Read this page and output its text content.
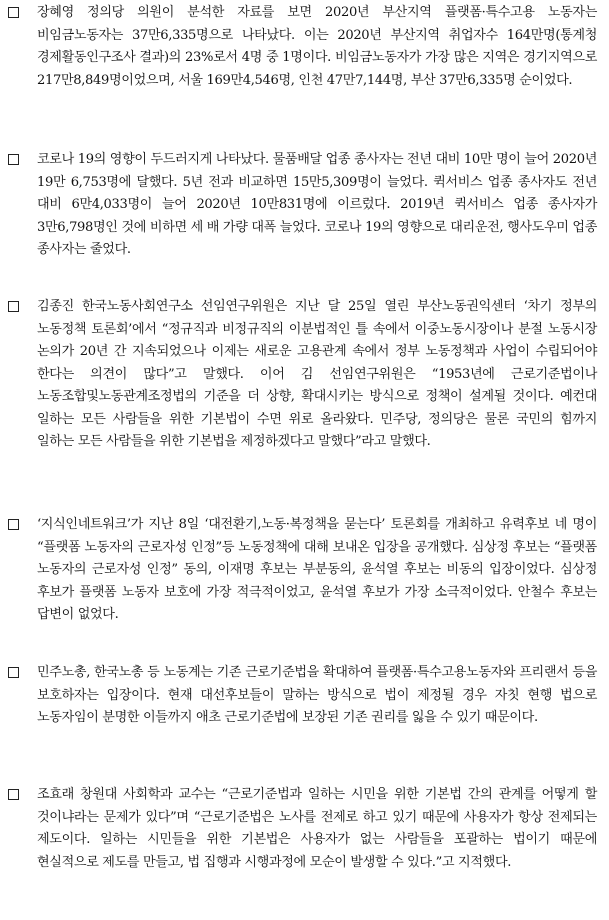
장혜영 정의당 의원이 분석한 자료를 보면 2020년 부산지역 플랫폼·특수고용 노동자는 비임금노동자는 37만6,335명으로 나타났다. 이는 2020년 부산지역 취업자수 164만명(통계청 경제활동인구조사 결과)의 23%로서 4명 중 1명이다. 비임금노동자가 가장 많은 지역은 경기지역으로 217만8,849명이었으며, 서울 169만4,546명, 인천 47만7,144명, 부산 37만6,335명 순이었다.

코로나 19의 영향이 두드러지게 나타났다. 물품배달 업종 종사자는 전년 대비 10만 명이 늘어 2020년 19만 6,753명에 달했다. 5년 전과 비교하면 15만5,309명이 늘었다. 퀵서비스 업종 종사자도 전년 대비 6만4,033명이 늘어 2020년 10만831명에 이르렀다. 2019년 퀵서비스 업종 종사자가 3만6,798명인 것에 비하면 세 배 가량 대폭 늘었다. 코로나 19의 영향으로 대리운전, 행사도우미 업종 종사자는 줄었다.

김종진 한국노동사회연구소 선임연구위원은 지난 달 25일 열린 부산노동권익센터 ‘차기 정부의 노동정책 토론회’에서 “정규직과 비정규직의 이분법적인 틀 속에서 이중노동시장이나 분절 노동시장 논의가 20년 간 지속되었으나 이제는 새로운 고용관계 속에서 정부 노동정책과 사업이 수립되어야 한다는 의견이 많다”고 말했다. 이어 김 선임연구위원은 “1953년에 근로기준법이나 노동조합및노동관계조정법의 기준을 더 상향, 확대시키는 방식으로 정책이 설계될 것이다. 예컨대 일하는 모든 사람들을 위한 기본법이 수면 위로 올라왔다. 민주당, 정의당은 물론 국민의 힘까지 일하는 모든 사람들을 위한 기본법을 제정하겠다고 말했다”라고 말했다.

‘지식인네트워크’가 지난 8일 ‘대전환기,노동·복정책을 묻는다’ 토론회를 개최하고 유력후보 네 명이 “플랫폼 노동자의 근로자성 인정”등 노동정책에 대해 보내온 입장을 공개했다. 심상정 후보는 “플랫폼 노동자의 근로자성 인정” 동의, 이재명 후보는 부분동의, 윤석열 후보는 비동의 입장이었다. 심상정 후보가 플랫폼 노동자 보호에 가장 적극적이었고, 윤석열 후보가 가장 소극적이었다. 안철수 후보는 답변이 없었다.

민주노총, 한국노총 등 노동계는 기존 근로기준법을 확대하여 플랫폼·특수고용노동자와 프리랜서 등을 보호하자는 입장이다. 현재 대선후보들이 말하는 방식으로 법이 제정될 경우 자칫 현행 법으로 노동자임이 분명한 이들까지 애초 근로기준법에 보장된 기존 권리를 잃을 수 있기 때문이다.

조효래 창원대 사회학과 교수는 “근로기준법과 일하는 시민을 위한 기본법 간의 관계를 어떻게 할 것이냐라는 문제가 있다”며 “근로기준법은 노사를 전제로 하고 있기 때문에 사용자가 항상 전제되는 제도이다. 일하는 시민들을 위한 기본법은 사용자가 없는 사람들을 포괄하는 법이기 때문에 현실적으로 제도를 만들고, 법 집행과 시행과정에 모순이 발생할 수 있다.”고 지적했다.
